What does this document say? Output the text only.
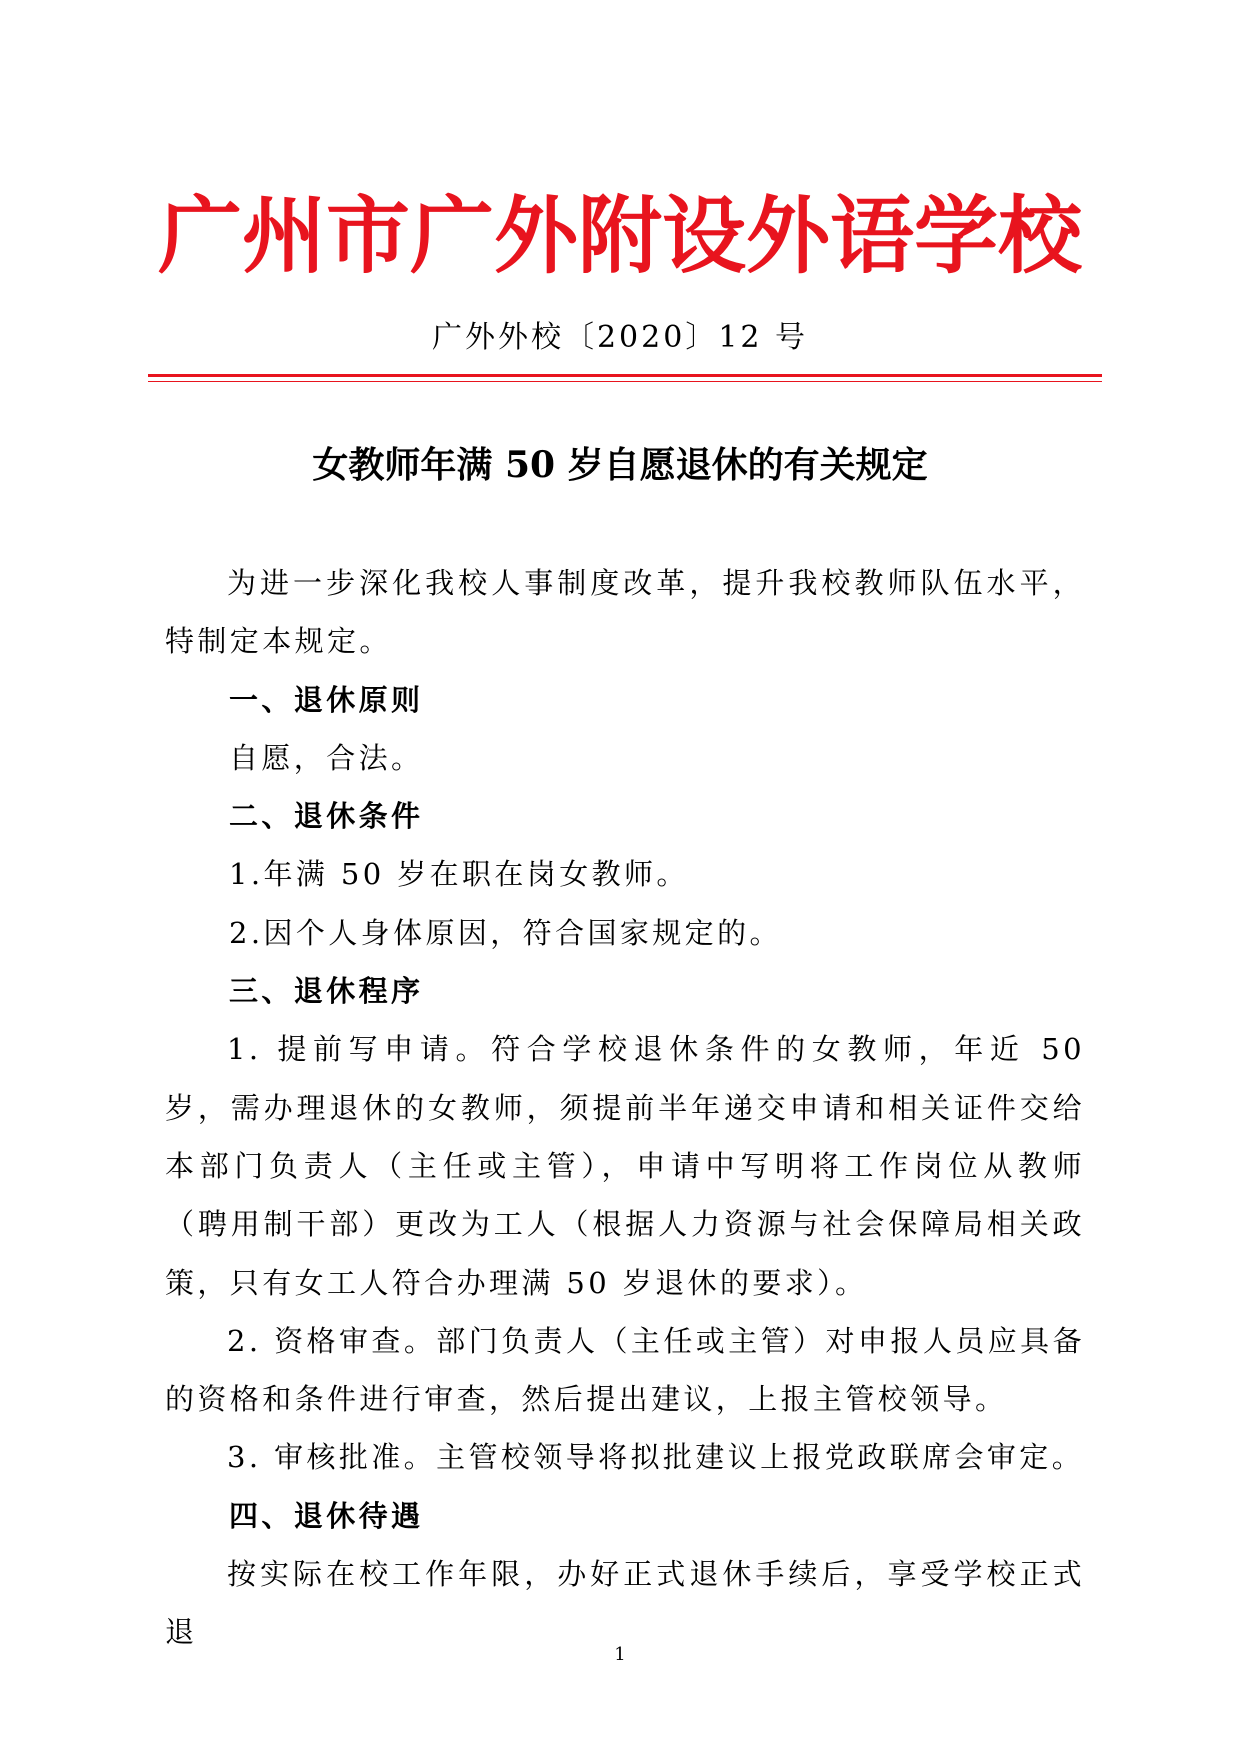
广州市广外附设外语学校
广外外校〔2020〕12 号
女教师年满 50 岁自愿退休的有关规定

为进一步深化我校人事制度改革，提升我校教师队伍水平，特制定本规定。

一、退休原则

自愿，合法。

二、退休条件

1.年满 50 岁在职在岗女教师。

2.因个人身体原因，符合国家规定的。

三、退休程序

1. 提前写申请。符合学校退休条件的女教师，年近 50 岁，需办理退休的女教师，须提前半年递交申请和相关证件交给本部门负责人（主任或主管），申请中写明将工作岗位从教师（聘用制干部）更改为工人（根据人力资源与社会保障局相关政策，只有女工人符合办理满 50 岁退休的要求）。

2. 资格审查。部门负责人（主任或主管）对申报人员应具备的资格和条件进行审查，然后提出建议，上报主管校领导。

3. 审核批准。主管校领导将拟批建议上报党政联席会审定。

四、退休待遇

按实际在校工作年限，办好正式退休手续后，享受学校正式退

1
